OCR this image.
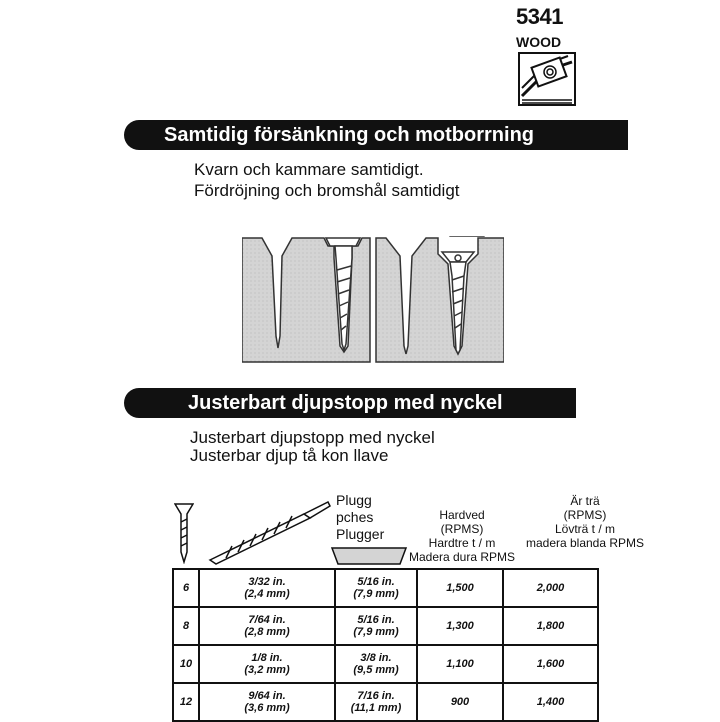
5341
WOOD
Samtidig försänkning och motborrning
Kvarn och kammare samtidigt.
Fördröjning och bromshål samtidigt
Justerbart djupstopp med nyckel
Justerbart djupstopp med nyckel
Justerbar djup tå kon llave
Plugg
pches
Plugger
Hardved
(RPMS)
Hardtre t / m
Madera dura RPMS
Är trä
(RPMS)
Lövträ t / m
madera blanda RPMS
6	3/32 in.
(2,4 mm)	5/16 in.
(7,9 mm)	1,500	2,000
8	7/64 in.
(2,8 mm)	5/16 in.
(7,9 mm)	1,300	1,800
10	1/8 in.
(3,2 mm)	3/8 in.
(9,5 mm)	1,100	1,600
12	9/64 in.
(3,6 mm)	7/16 in.
(11,1 mm)	900	1,400
